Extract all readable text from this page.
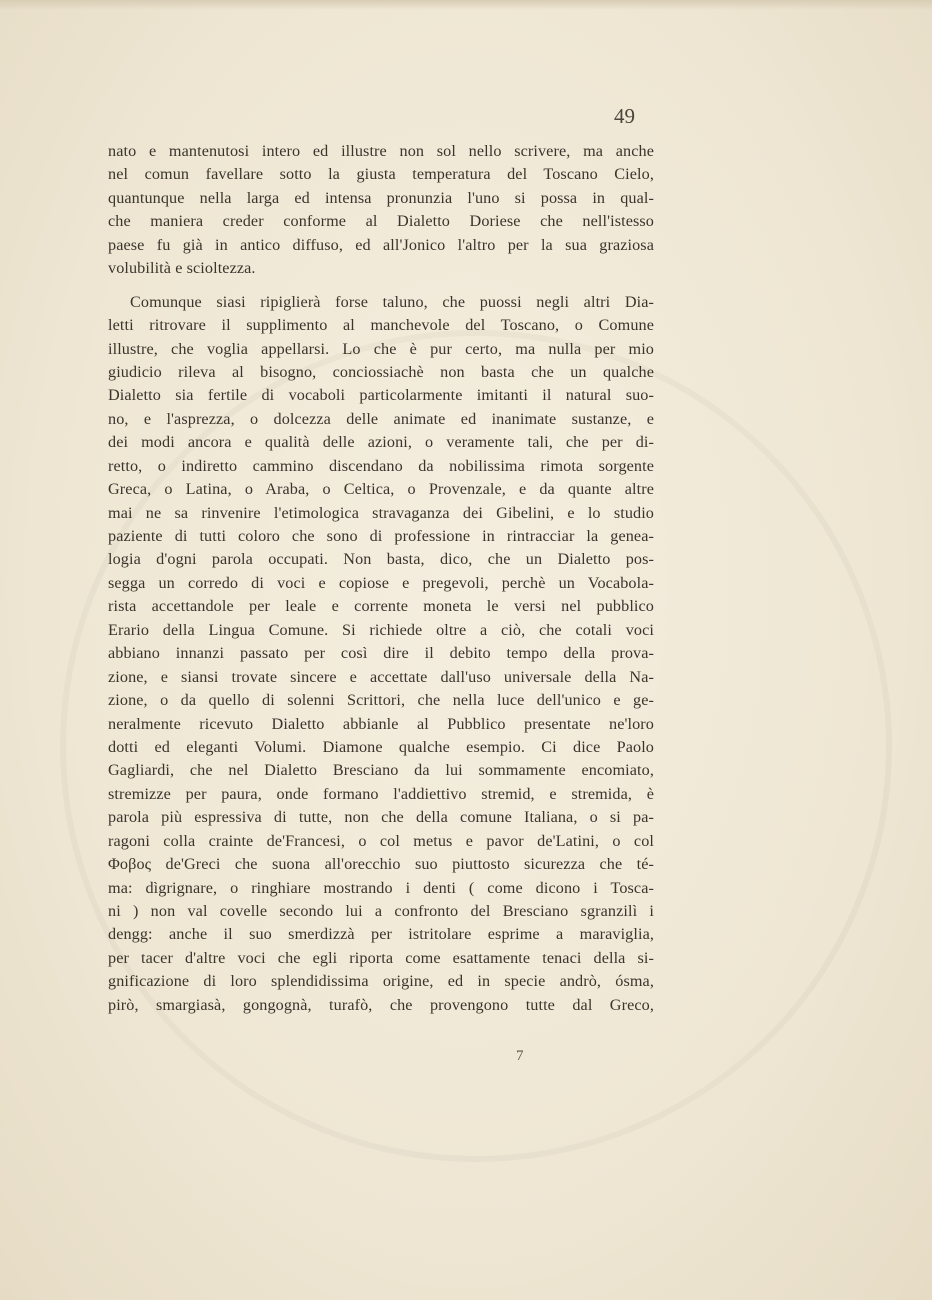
49
nato e mantenutosi intero ed illustre non sol nello scrivere, ma anche
nel comun favellare sotto la giusta temperatura del Toscano Cielo,
quantunque nella larga ed intensa pronunzia l'uno si possa in qual-
che maniera creder conforme al Dialetto Doriese che nell'istesso
paese fu già in antico diffuso, ed all'Jonico l'altro per la sua graziosa
volubilità e scioltezza.
Comunque siasi ripiglierà forse taluno, che puossi negli altri Dia-
letti ritrovare il supplimento al manchevole del Toscano, o Comune
illustre, che voglia appellarsi. Lo che è pur certo, ma nulla per mio
giudicio rileva al bisogno, conciossiachè non basta che un qualche
Dialetto sia fertile di vocaboli particolarmente imitanti il natural suo-
no, e l'asprezza, o dolcezza delle animate ed inanimate sustanze, e
dei modi ancora e qualità delle azioni, o veramente tali, che per di-
retto, o indiretto cammino discendano da nobilissima rimota sorgente
Greca, o Latina, o Araba, o Celtica, o Provenzale, e da quante altre
mai ne sa rinvenire l'etimologica stravaganza dei Gibelini, e lo studio
paziente di tutti coloro che sono di professione in rintracciar la genea-
logia d'ogni parola occupati. Non basta, dico, che un Dialetto pos-
segga un corredo di voci e copiose e pregevoli, perchè un Vocabola-
rista accettandole per leale e corrente moneta le versi nel pubblico
Erario della Lingua Comune. Si richiede oltre a ciò, che cotali voci
abbiano innanzi passato per così dire il debito tempo della prova-
zione, e siansi trovate sincere e accettate dall'uso universale della Na-
zione, o da quello di solenni Scrittori, che nella luce dell'unico e ge-
neralmente ricevuto Dialetto abbianle al Pubblico presentate ne'loro
dotti ed eleganti Volumi. Diamone qualche esempio. Ci dice Paolo
Gagliardi, che nel Dialetto Bresciano da lui sommamente encomiato,
stremizze per paura, onde formano l'addiettivo stremid, e stremida, è
parola più espressiva di tutte, non che della comune Italiana, o si pa-
ragoni colla crainte de'Francesi, o col metus e pavor de'Latini, o col
Φοβος de'Greci che suona all'orecchio suo piuttosto sicurezza che té-
ma: dìgrignare, o ringhiare mostrando i denti ( come dicono i Tosca-
ni ) non val covelle secondo lui a confronto del Bresciano sgranzilì i
dengg: anche il suo smerdizzà per istritolare esprime a maraviglia,
per tacer d'altre voci che egli riporta come esattamente tenaci della si-
gnificazione di loro splendidissima origine, ed in specie andrò, ósma,
pirò, smargiasà, gongognà, turafò, che provengono tutte dal Greco,
7
